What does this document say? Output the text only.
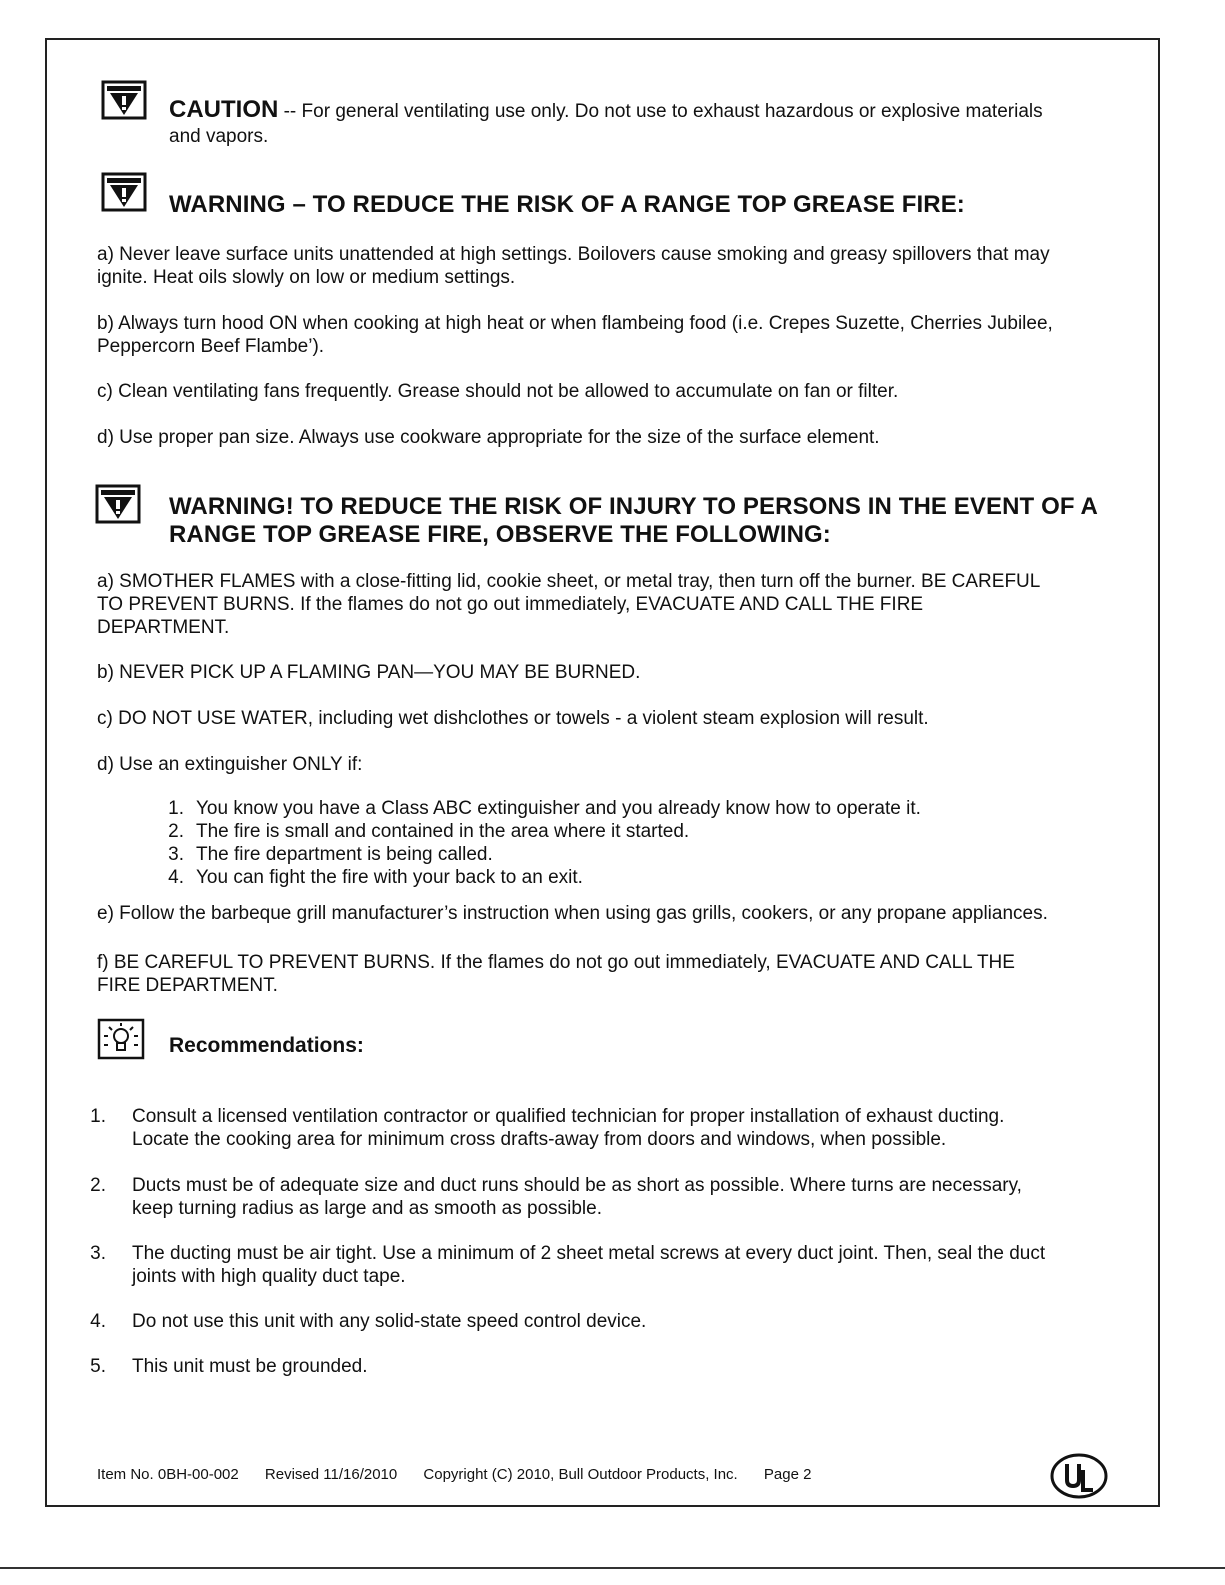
CAUTION -- For general ventilating use only. Do not use to exhaust hazardous or explosive materials
and vapors.
WARNING – TO REDUCE THE RISK OF A RANGE TOP GREASE FIRE:
a) Never leave surface units unattended at high settings. Boilovers cause smoking and greasy spillovers that may
ignite. Heat oils slowly on low or medium settings.
b) Always turn hood ON when cooking at high heat or when flambeing food (i.e. Crepes Suzette, Cherries Jubilee,
Peppercorn Beef Flambe’).
c) Clean ventilating fans frequently. Grease should not be allowed to accumulate on fan or filter.
d) Use proper pan size. Always use cookware appropriate for the size of the surface element.
WARNING! TO REDUCE THE RISK OF INJURY TO PERSONS IN THE EVENT OF A
RANGE TOP GREASE FIRE, OBSERVE THE FOLLOWING:
a) SMOTHER FLAMES with a close-fitting lid, cookie sheet, or metal tray, then turn off the burner. BE CAREFUL
TO PREVENT BURNS. If the flames do not go out immediately, EVACUATE AND CALL THE FIRE
DEPARTMENT.
b) NEVER PICK UP A FLAMING PAN—YOU MAY BE BURNED.
c) DO NOT USE WATER, including wet dishclothes or towels - a violent steam explosion will result.
d) Use an extinguisher ONLY if:
1. You know you have a Class ABC extinguisher and you already know how to operate it.
2. The fire is small and contained in the area where it started.
3. The fire department is being called.
4. You can fight the fire with your back to an exit.
e) Follow the barbeque grill manufacturer’s instruction when using gas grills, cookers, or any propane appliances.
f) BE CAREFUL TO PREVENT BURNS. If the flames do not go out immediately, EVACUATE AND CALL THE
FIRE DEPARTMENT.
Recommendations:
1. Consult a licensed ventilation contractor or qualified technician for proper installation of exhaust ducting.
Locate the cooking area for minimum cross drafts-away from doors and windows, when possible.
2. Ducts must be of adequate size and duct runs should be as short as possible. Where turns are necessary,
keep turning radius as large and as smooth as possible.
3. The ducting must be air tight. Use a minimum of 2 sheet metal screws at every duct joint. Then, seal the duct
joints with high quality duct tape.
4. Do not use this unit with any solid-state speed control device.
5. This unit must be grounded.
Item No. 0BH-00-002 Revised 11/16/2010 Copyright (C) 2010, Bull Outdoor Products, Inc. Page 2
